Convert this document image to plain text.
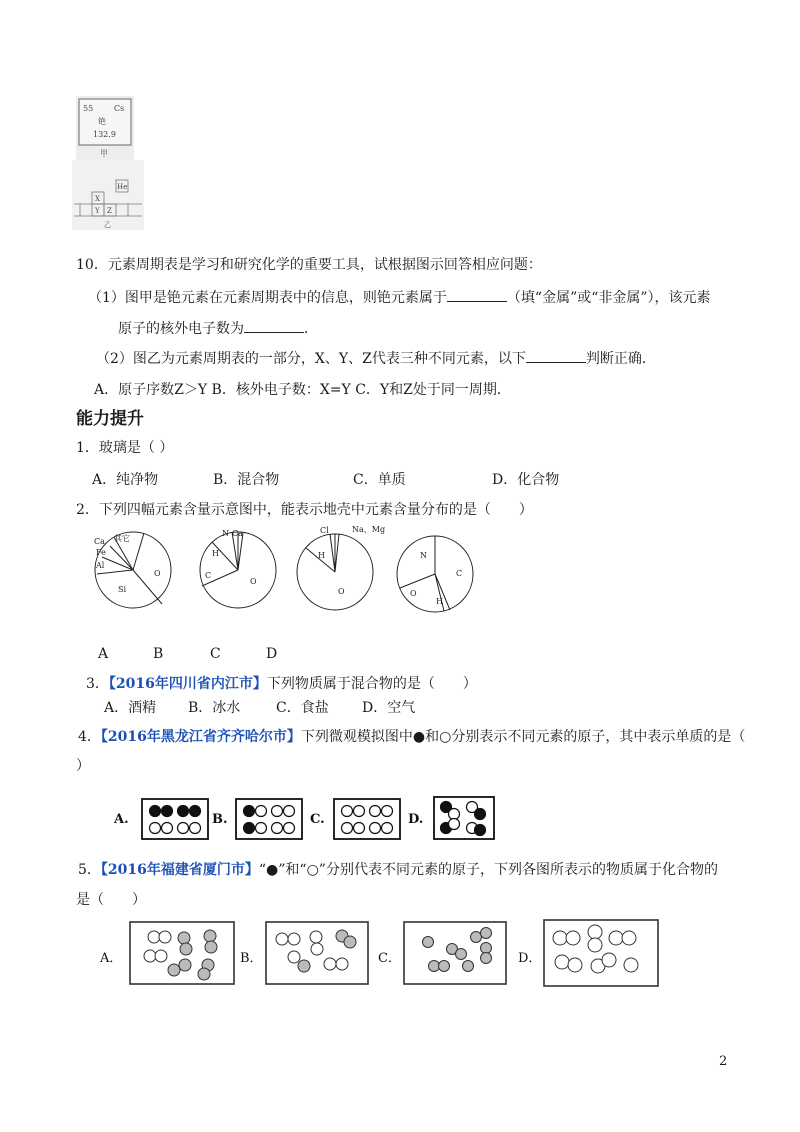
55	Cs
铯
132.9
甲
He
X
Y Z
乙
10．元素周期表是学习和研究化学的重要工具，试根据图示回答相应问题：
（1）图甲是铯元素在元素周期表中的信息，则铯元素属于	（填“金属”或“非金属”），该元素
原子的核外电子数为	．
（2）图乙为元素周期表的一部分，X、Y、Z代表三种不同元素，以下	判断正确．
A．原子序数Z＞Y B．核外电子数：X=Y C．Y和Z处于同一周期．
能力提升
1．玻璃是（ ）
A．纯净物	B．混合物	C．单质	D．化合物
2．下列四幅元素含量示意图中，能表示地壳中元素含量分布的是（　　）
Ca 其它
Fe
Al
O
Si
N Ca
H
C
O
Cl	Na、Mg
H
O
N
C
O
H
A	B	C	D
3．【2016年四川省内江市】下列物质属于混合物的是（　　）
A．酒精 B．冰水	C．食盐 D．空气
4．【2016年黑龙江省齐齐哈尔市】下列微观模拟图中●和○分别表示不同元素的原子，其中表示单质的是（
）
A.	B.	C.	D.
5．【2016年福建省厦门市】“●”和“○”分别代表不同元素的原子，下列各图所表示的物质属于化合物的
是（　　）
A．	B．	C．	D．
2
